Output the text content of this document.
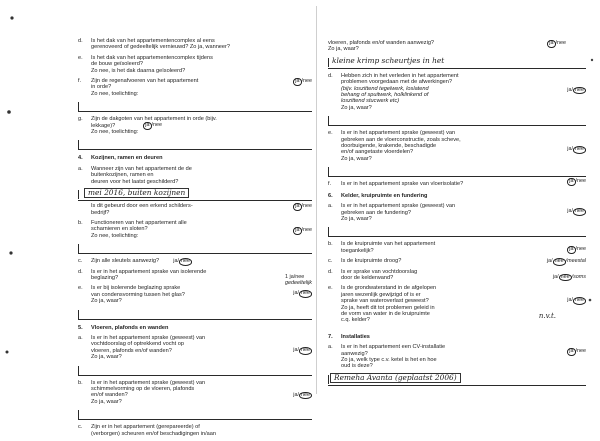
d. Is het dak van het appartementencomplex al eens
gerenoveerd of gedeeltelijk vernieuwd? Zo ja, wanneer?
e. Is het dak van het appartementencomplex tijdens
de bouw geïsoleerd?
Zo nee, is het dak daarna geïsoleerd?
f. Zijn de regenafvoeren van het appartement
in orde?
Zo nee, toelichting:
ja /nee
g. Zijn de dakgoten van het appartement in orde (bijv.
lekkage)?
Zo nee, toelichting:
ja /nee
4. Kozijnen, ramen en deuren
a. Wanneer zijn van het appartement de de
buitenkozijnen, ramen en
deuren voor het laatst geschilderd?
mei 2016, buiten kozijnen
Is dit gebeurd door een erkend schilders-
bedrijf?
ja /nee
b. Functioneren van het appartement alle
scharnieren en sloten?
Zo nee, toelichting:
ja /nee
c. Zijn alle sleutels aanwezig?	ja/ nee
d. Is er in het appartement sprake van isolerende
beglazing?	1 ja/nee
gedeeltelijk
e. Is er bij isolerende beglazing sprake
van condensvorming tussen het glas?
Zo ja, waar?
ja/ nee
5. Vloeren, plafonds en wanden
a. Is er in het appartement sprake (geweest) van
vochtdoorslag of optrekkend vocht op
vloeren, plafonds en/of wanden?
Zo ja, waar?
ja/ nee
b. Is er in het appartement sprake (geweest) van
schimmelvorming op de vloeren, plafonds
en/of wanden?
Zo ja, waar?
ja/ nee
c. Zijn er in het appartement (gerepareerde) of
(verborgen) scheuren en/of beschadigingen in/aan
vloeren, plafonds en/of wanden aanwezig?
Zo ja, waar?
ja /nee
kleine krimp scheurtjes in het
d. Hebben zich in het verleden in het appartement
problemen voorgedaan met de afwerkingen?
(bijv. loszittend tegelwerk, loslatend
behang of spuitwerk, holklinkend of
loszittend stucwerk etc)
Zo ja, waar?
ja/ nee
e. Is er in het appartement sprake (geweest) van
gebreken aan de vloerconstructie, zoals scheve,
doorbuigende, krakende, beschadigde
en/of aangetaste vloerdelen?
Zo ja, waar?
ja/ nee
f. Is er in het appartement sprake van vloerisolatie?	ja /nee
6. Kelder, kruipruimte en fundering
a. Is er in het appartement sprake (geweest) van
gebreken aan de fundering?
Zo ja, waar?
ja/ nee
b. Is de kruipruimte van het appartement
toegankelijk?	ja /nee
c. Is de kruipruimte droog?	ja/ nee /meestal
d. Is er sprake van vochtdoorslag
door de kelderwand?	ja/ nee /soms
e. Is de grondwaterstand in de afgelopen
jaren wezenlijk gewijzigd of is er
sprake van wateroverlast geweest?
Zo ja, heeft dit tot problemen geleid in
de vorm van water in de kruipruimte
c.q. kelder?
ja/ nee
n.v.t.
7. Installaties
a. Is er in het appartement een CV-installatie
aanwezig?
Zo ja, welk type c.v. ketel is het en hoe
oud is deze?
ja /nee
Remeha Avanta (geplaatst 2006)
